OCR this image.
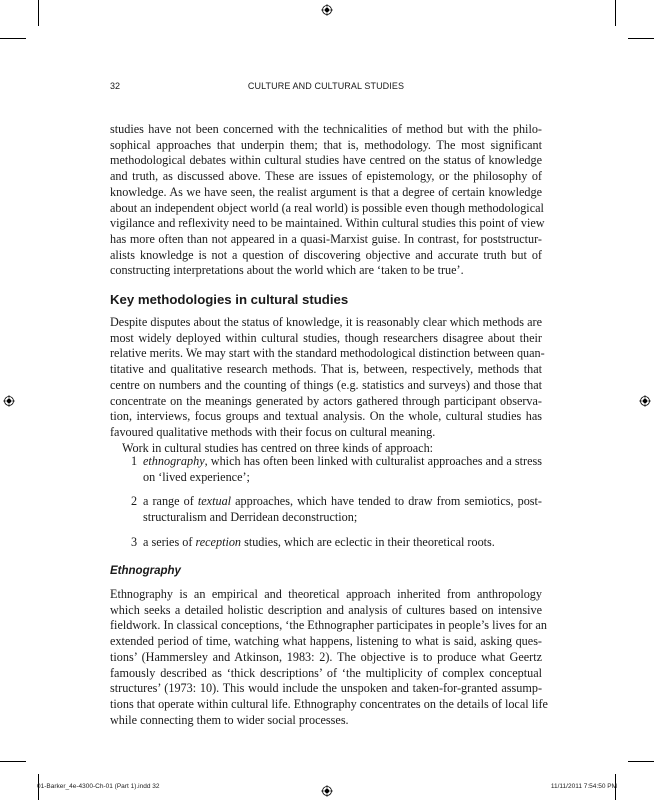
32	CULTURE AND CULTURAL STUDIES

studies have not been concerned with the technicalities of method but with the philo-
sophical approaches that underpin them; that is, methodology. The most significant
methodological debates within cultural studies have centred on the status of knowledge
and truth, as discussed above. These are issues of epistemology, or the philosophy of
knowledge. As we have seen, the realist argument is that a degree of certain knowledge
about an independent object world (a real world) is possible even though methodological
vigilance and reflexivity need to be maintained. Within cultural studies this point of view
has more often than not appeared in a quasi-Marxist guise. In contrast, for poststructur-
alists knowledge is not a question of discovering objective and accurate truth but of
constructing interpretations about the world which are ‘taken to be true’.

Key methodologies in cultural studies

Despite disputes about the status of knowledge, it is reasonably clear which methods are
most widely deployed within cultural studies, though researchers disagree about their
relative merits. We may start with the standard methodological distinction between quan-
titative and qualitative research methods. That is, between, respectively, methods that
centre on numbers and the counting of things (e.g. statistics and surveys) and those that
concentrate on the meanings generated by actors gathered through participant observa-
tion, interviews, focus groups and textual analysis. On the whole, cultural studies has
favoured qualitative methods with their focus on cultural meaning.

Work in cultural studies has centred on three kinds of approach:

1 ethnography, which has often been linked with culturalist approaches and a stress
on ‘lived experience’;
2 a range of textual approaches, which have tended to draw from semiotics, post-
structuralism and Derridean deconstruction;
3 a series of reception studies, which are eclectic in their theoretical roots.
Ethnography

Ethnography is an empirical and theoretical approach inherited from anthropology
which seeks a detailed holistic description and analysis of cultures based on intensive
fieldwork. In classical conceptions, ‘the Ethnographer participates in people’s lives for an
extended period of time, watching what happens, listening to what is said, asking ques-
tions’ (Hammersley and Atkinson, 1983: 2). The objective is to produce what Geertz
famously described as ‘thick descriptions’ of ‘the multiplicity of complex conceptual
structures’ (1973: 10). This would include the unspoken and taken-for-granted assump-
tions that operate within cultural life. Ethnography concentrates on the details of local life
while connecting them to wider social processes.

01-Barker_4e-4300-Ch-01 (Part 1).indd 32	11/11/2011 7:54:50 PM
